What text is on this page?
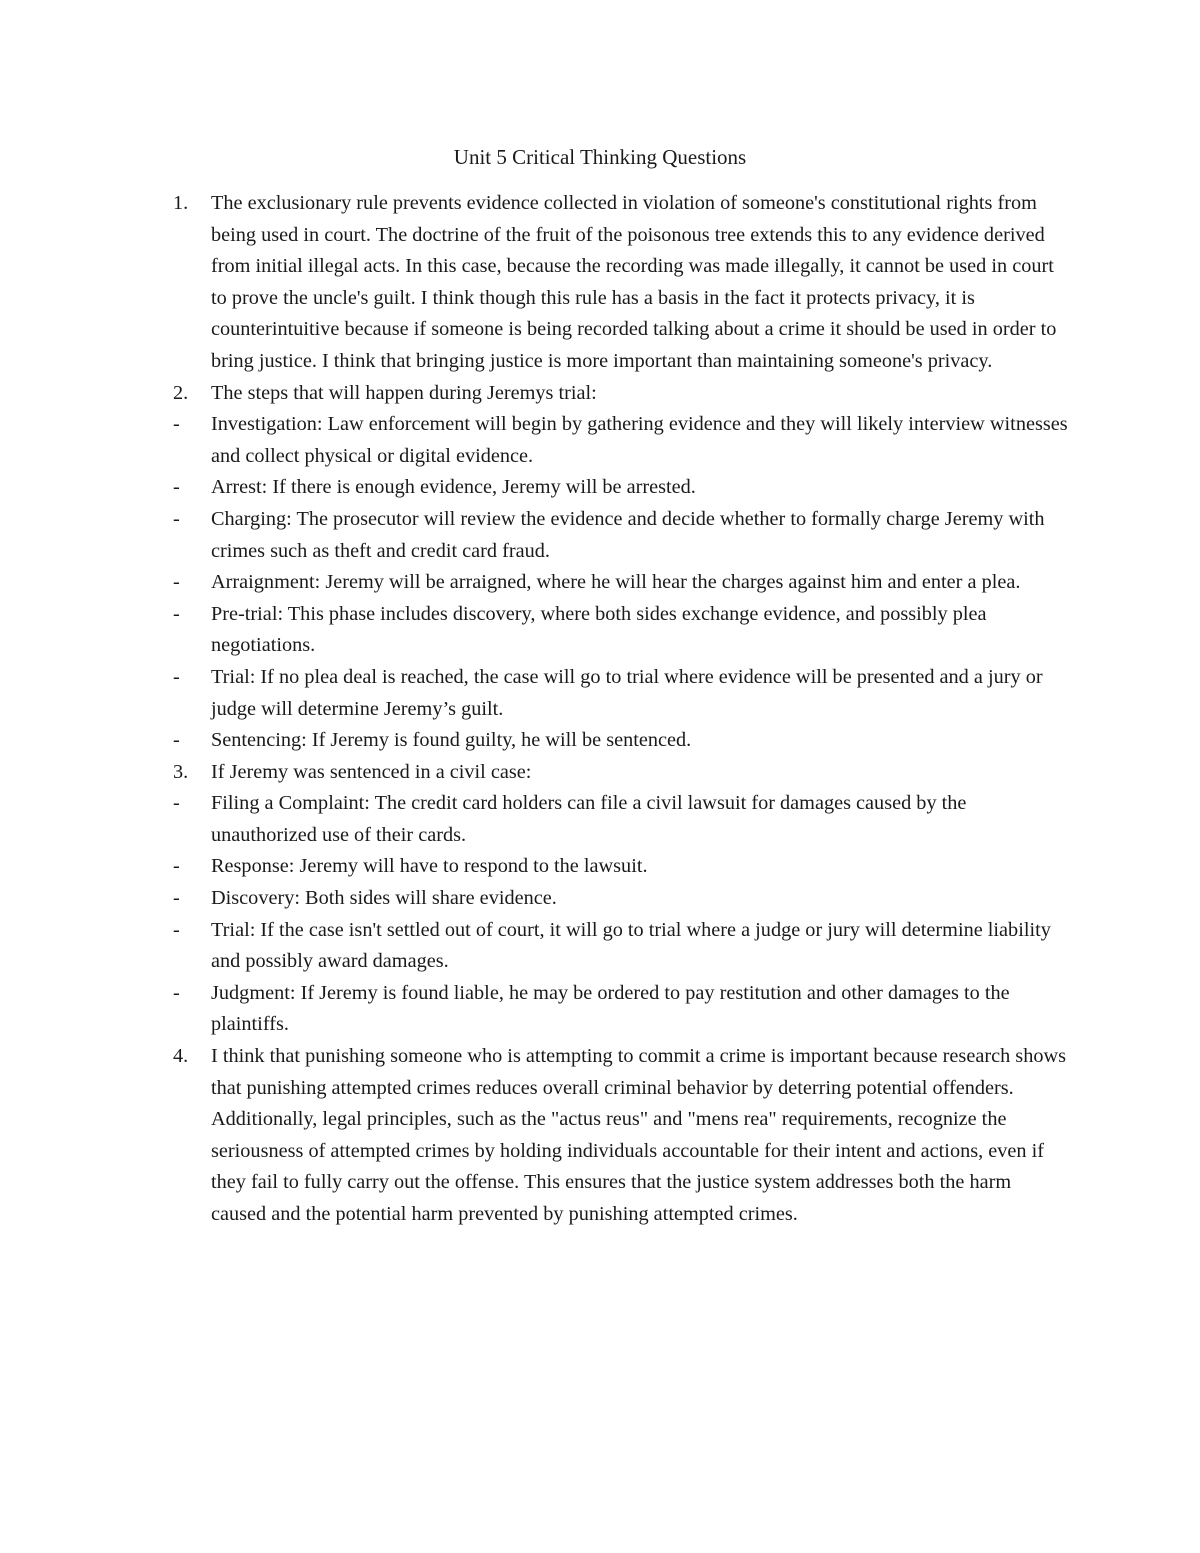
Unit 5 Critical Thinking Questions
1.	The exclusionary rule prevents evidence collected in violation of someone's constitutional rights from being used in court. The doctrine of the fruit of the poisonous tree extends this to any evidence derived from initial illegal acts. In this case, because the recording was made illegally, it cannot be used in court to prove the uncle's guilt. I think though this rule has a basis in the fact it protects privacy, it is counterintuitive because if someone is being recorded talking about a crime it should be used in order to bring justice. I think that bringing justice is more important than maintaining someone's privacy.
2.	The steps that will happen during Jeremys trial:
-	Investigation: Law enforcement will begin by gathering evidence and they will likely interview witnesses and collect physical or digital evidence.
-	Arrest: If there is enough evidence, Jeremy will be arrested.
-	Charging: The prosecutor will review the evidence and decide whether to formally charge Jeremy with crimes such as theft and credit card fraud.
-	Arraignment: Jeremy will be arraigned, where he will hear the charges against him and enter a plea.
-	Pre-trial: This phase includes discovery, where both sides exchange evidence, and possibly plea negotiations.
-	Trial: If no plea deal is reached, the case will go to trial where evidence will be presented and a jury or judge will determine Jeremy’s guilt.
-	Sentencing: If Jeremy is found guilty, he will be sentenced.
3.	If Jeremy was sentenced in a civil case:
-	Filing a Complaint: The credit card holders can file a civil lawsuit for damages caused by the unauthorized use of their cards.
-	Response: Jeremy will have to respond to the lawsuit.
-	Discovery: Both sides will share evidence.
-	Trial: If the case isn't settled out of court, it will go to trial where a judge or jury will determine liability and possibly award damages.
-	Judgment: If Jeremy is found liable, he may be ordered to pay restitution and other damages to the plaintiffs.
4.	I think that punishing someone who is attempting to commit a crime is important because research shows that punishing attempted crimes reduces overall criminal behavior by deterring potential offenders. Additionally, legal principles, such as the "actus reus" and "mens rea" requirements, recognize the seriousness of attempted crimes by holding individuals accountable for their intent and actions, even if they fail to fully carry out the offense. This ensures that the justice system addresses both the harm caused and the potential harm prevented by punishing attempted crimes.
